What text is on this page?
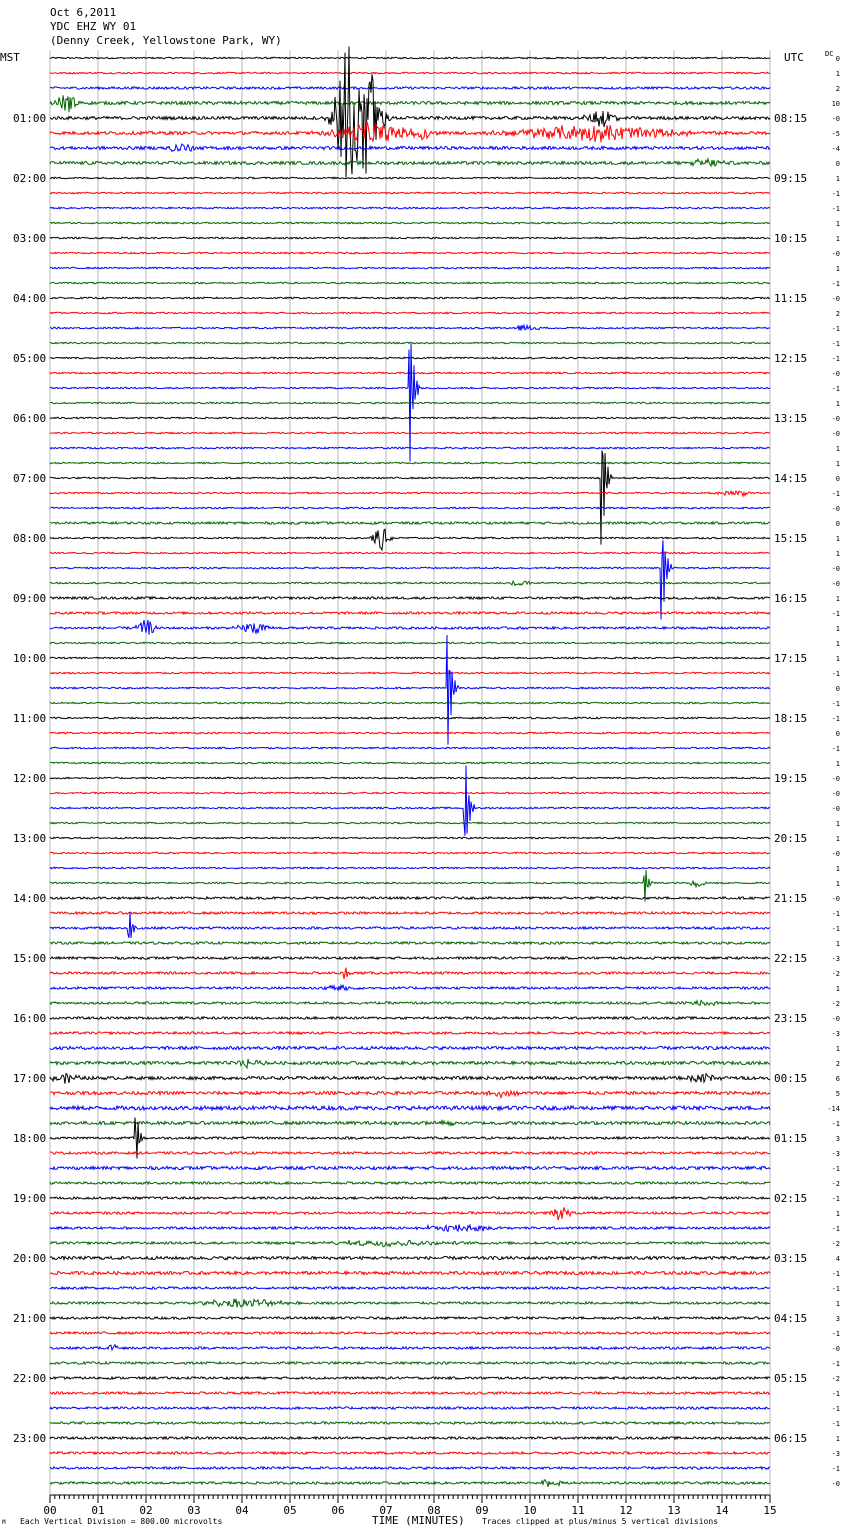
Oct 6,2011
YDC EHZ WY 01
(Denny Creek, Yellowstone Park, WY)
MST	UTC	DC
01:00
02:00
03:00
04:00
05:00
06:00
07:00
08:00
09:00
10:00
11:00
12:00
13:00
14:00
15:00
16:00
17:00
18:00
19:00
20:00
21:00
22:00
23:00
08:15
09:15
10:15
11:15
12:15
13:15
14:15
15:15
16:15
17:15
18:15
19:15
20:15
21:15
22:15
23:15
00:15
01:15
02:15
03:15
04:15
05:15
06:15
0
1
2
10
-0
-5
-4
0
1
-1
-1
1
1
-0
1
-1
-0
2
-1
-1
-1
-0
-1
1
-0
-0
1
1
0
-1
-0
0
1
1
-0
-0
1
-1
1
1
1
-1
0
-1
-1
0
-1
1
-0
-0
-0
1
1
-0
1
1
-0
-1
-1
1
-3
-2
1
-2
-0
-3
1
2
6
5
-14
-1
3
-3
-1
-2
-1
1
-1
-2
4
-1
-1
1
3
-1
-0
-1
-2
-1
-1
-1
1
-3
-1
-0
00	01	02	03	04	05	06	07	08	09	10	11	12	13	14	15
TIME (MINUTES)
Each Vertical Division = 800.00 microvolts	Traces clipped at plus/minus 5 vertical divisions
M
